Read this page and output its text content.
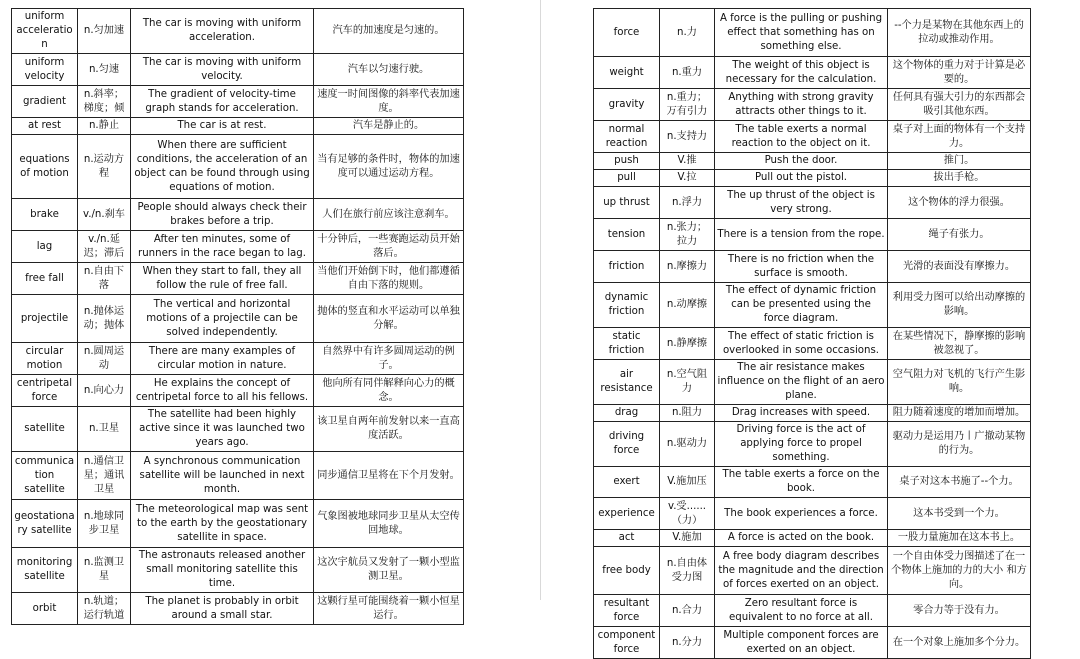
uniform acceleration	n.匀加速	The car is moving with uniform acceleration.	汽车的加速度是匀速的。
uniform velocity	n.匀速	The car is moving with uniform velocity.	汽车以匀速行驶。
gradient	n.斜率；梯度；倾	The gradient of velocity-time graph stands for acceleration.	速度一时间图像的斜率代表加速度。
at rest	n.静止	The car is at rest.	汽车是静止的。
equations of motion	n.运动方程	When there are sufficient conditions, the acceleration of an object can be found through using equations of motion.	当有足够的条件时，物体的加速度可以通过运动方程。
brake	v./n.刹车	People should always check their brakes before a trip.	人们在旅行前应该注意刹车。
lag	v./n.延迟；滞后	After ten minutes, some of runners in the race began to lag.	十分钟后，一些赛跑运动员开始落后。
free fall	n.自由下落	When they start to fall, they all follow the rule of free fall.	当他们开始倒下时，他们都遵循自由下落的规则。
projectile	n.抛体运动；抛体	The vertical and horizontal motions of a projectile can be solved independently.	抛体的竖直和水平运动可以单独分解。
circular motion	n.圆周运动	There are many examples of circular motion in nature.	自然界中有许多圆周运动的例子。
centripetal force	n.向心力	He explains the concept of centripetal force to all his fellows.	他向所有同伴解释向心力的概念。
satellite	n.卫星	The satellite had been highly active since it was launched two years ago.	该卫星自两年前发射以来一直高度活跃。
communication satellite	n.通信卫星；通讯卫星	A synchronous communication satellite will be launched in next month.	同步通信卫星将在下个月发射。
geostationary satellite	n.地球同步卫星	The meteorological map was sent to the earth by the geostationary satellite in space.	气象图被地球同步卫星从太空传回地球。
monitoring satellite	n.监测卫星	The astronauts released another small monitoring satellite this time.	这次宇航员又发射了一颗小型监测卫星。
orbit	n.轨道；运行轨道	The planet is probably in orbit around a small star.	这颗行星可能围绕着一颗小恒星运行。
force	n.力	A force is the pulling or pushing effect that something has on something else.	--个力是某物在其他东西上的拉动或推动作用。
weight	n.重力	The weight of this object is necessary for the calculation.	这个物体的重力对于计算是必要的。
gravity	n.重力；万有引力	Anything with strong gravity attracts other things to it.	任何具有强大引力的东西都会吸引其他东西。
normal reaction	n.支持力	The table exerts a normal reaction to the object on it.	桌子对上面的物体有一个支持力。
push	V.推	Push the door.	推门。
pull	V.拉	Pull out the pistol.	拔出手枪。
up thrust	n.浮力	The up thrust of the object is very strong.	这个物体的浮力很强。
tension	n.张力；拉力	There is a tension from the rope.	绳子有张力。
friction	n.摩擦力	There is no friction when the surface is smooth.	光滑的表面没有摩擦力。
dynamic friction	n.动摩擦	The effect of dynamic friction can be presented using the force diagram.	利用受力图可以给出动摩擦的影响。
static friction	n.静摩擦	The effect of static friction is overlooked in some occasions.	在某些情况下，静摩擦的影响被忽视了。
air resistance	n.空气阻力	The air resistance makes influence on the flight of an aero plane.	空气阻力对飞机的飞行产生影响。
drag	n.阻力	Drag increases with speed.	阻力随着速度的增加而增加。
driving force	n.驱动力	Driving force is the act of applying force to propel something.	驱动力是运用乃丨广撤动某物的行为。
exert	V.施加压	The table exerts a force on the book.	桌子对这本书施了--个力。
experience	v.受......（力）	The book experiences a force.	这本书受到一个力。
act	V.施加	A force is acted on the book.	一股力量施加在这本书上。
free body	n.自由体受力图	A free body diagram describes the magnitude and the direction of forces exerted on an object.	一个自由体受力图描述了在一个物体上施加的力的大小 和方向。
resultant force	n.合力	Zero resultant force is equivalent to no force at all.	零合力等于没有力。
component force	n.分力	Multiple component forces are exerted on an object.	在一个对象上施加多个分力。
